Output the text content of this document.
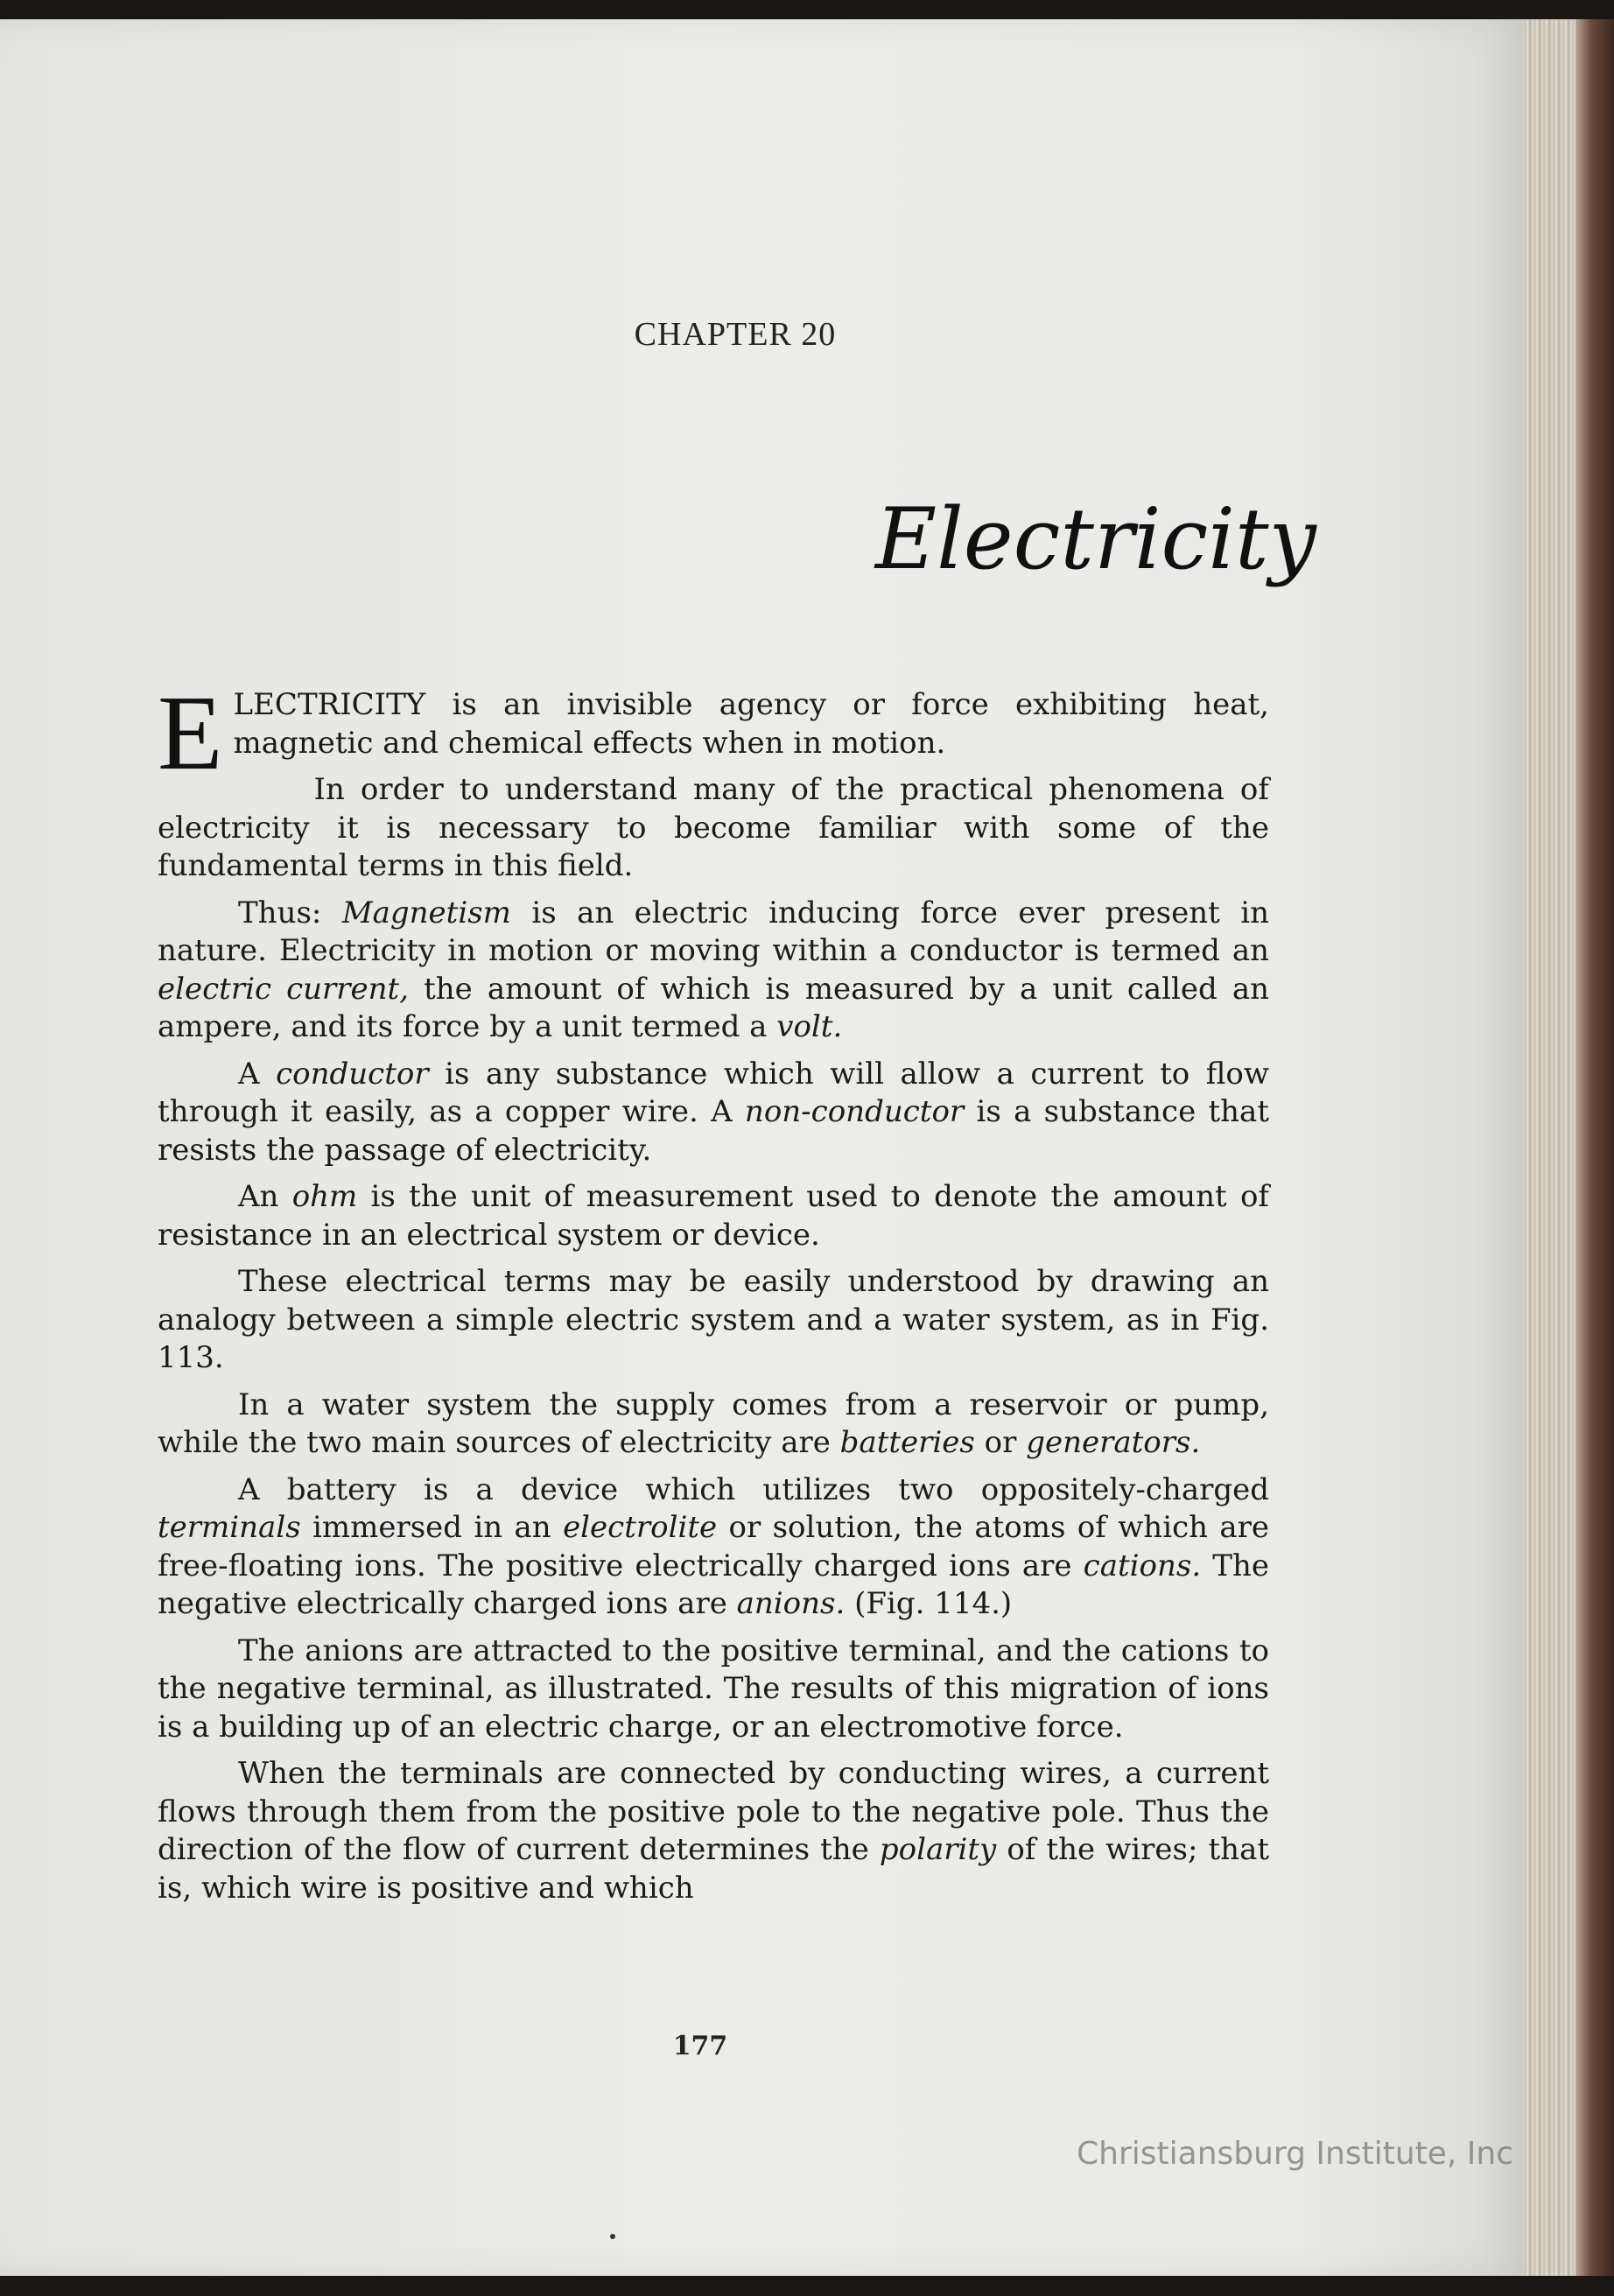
CHAPTER 20
Electricity

ELECTRICITY is an invisible agency or force exhibiting heat, magnetic and chemical effects when in motion.

In order to understand many of the practical phenomena of electricity it is necessary to become familiar with some of the fundamental terms in this field.

Thus: Magnetism is an electric inducing force ever present in nature. Electricity in motion or moving within a conductor is termed an electric current, the amount of which is measured by a unit called an ampere, and its force by a unit termed a volt.

A conductor is any substance which will allow a current to flow through it easily, as a copper wire. A non-conductor is a substance that resists the passage of electricity.

An ohm is the unit of measurement used to denote the amount of resistance in an electrical system or device.

These electrical terms may be easily understood by drawing an analogy between a simple electric system and a water system, as in Fig. 113.

In a water system the supply comes from a reservoir or pump, while the two main sources of electricity are batteries or generators.

A battery is a device which utilizes two oppositely-charged terminals immersed in an electrolite or solution, the atoms of which are free-floating ions. The positive electrically charged ions are cations. The negative electrically charged ions are anions. (Fig. 114.)

The anions are attracted to the positive terminal, and the cations to the negative terminal, as illustrated. The results of this migration of ions is a building up of an electric charge, or an electromotive force.

When the terminals are connected by conducting wires, a current flows through them from the positive pole to the negative pole. Thus the direction of the flow of current determines the polarity of the wires; that is, which wire is positive and which

177
Christiansburg Institute, Inc
